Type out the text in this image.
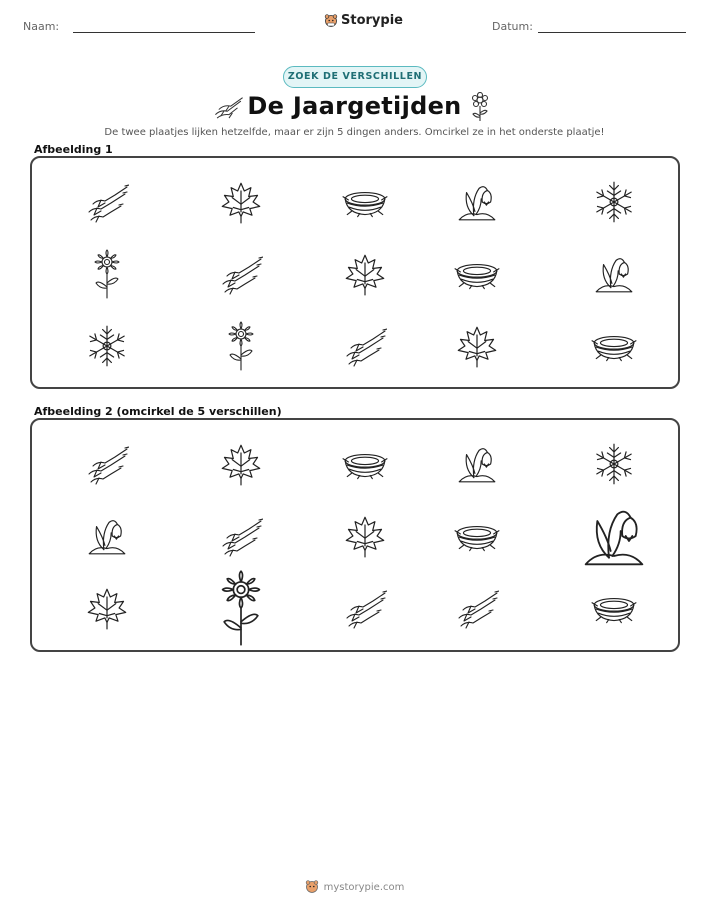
Naam:	Storypie	Datum:
ZOEK DE VERSCHILLEN
De Jaargetijden
De twee plaatjes lijken hetzelfde, maar er zijn 5 dingen anders. Omcirkel ze in het onderste plaatje!
Afbeelding 1
Afbeelding 2 (omcirkel de 5 verschillen)
mystorypie.com
